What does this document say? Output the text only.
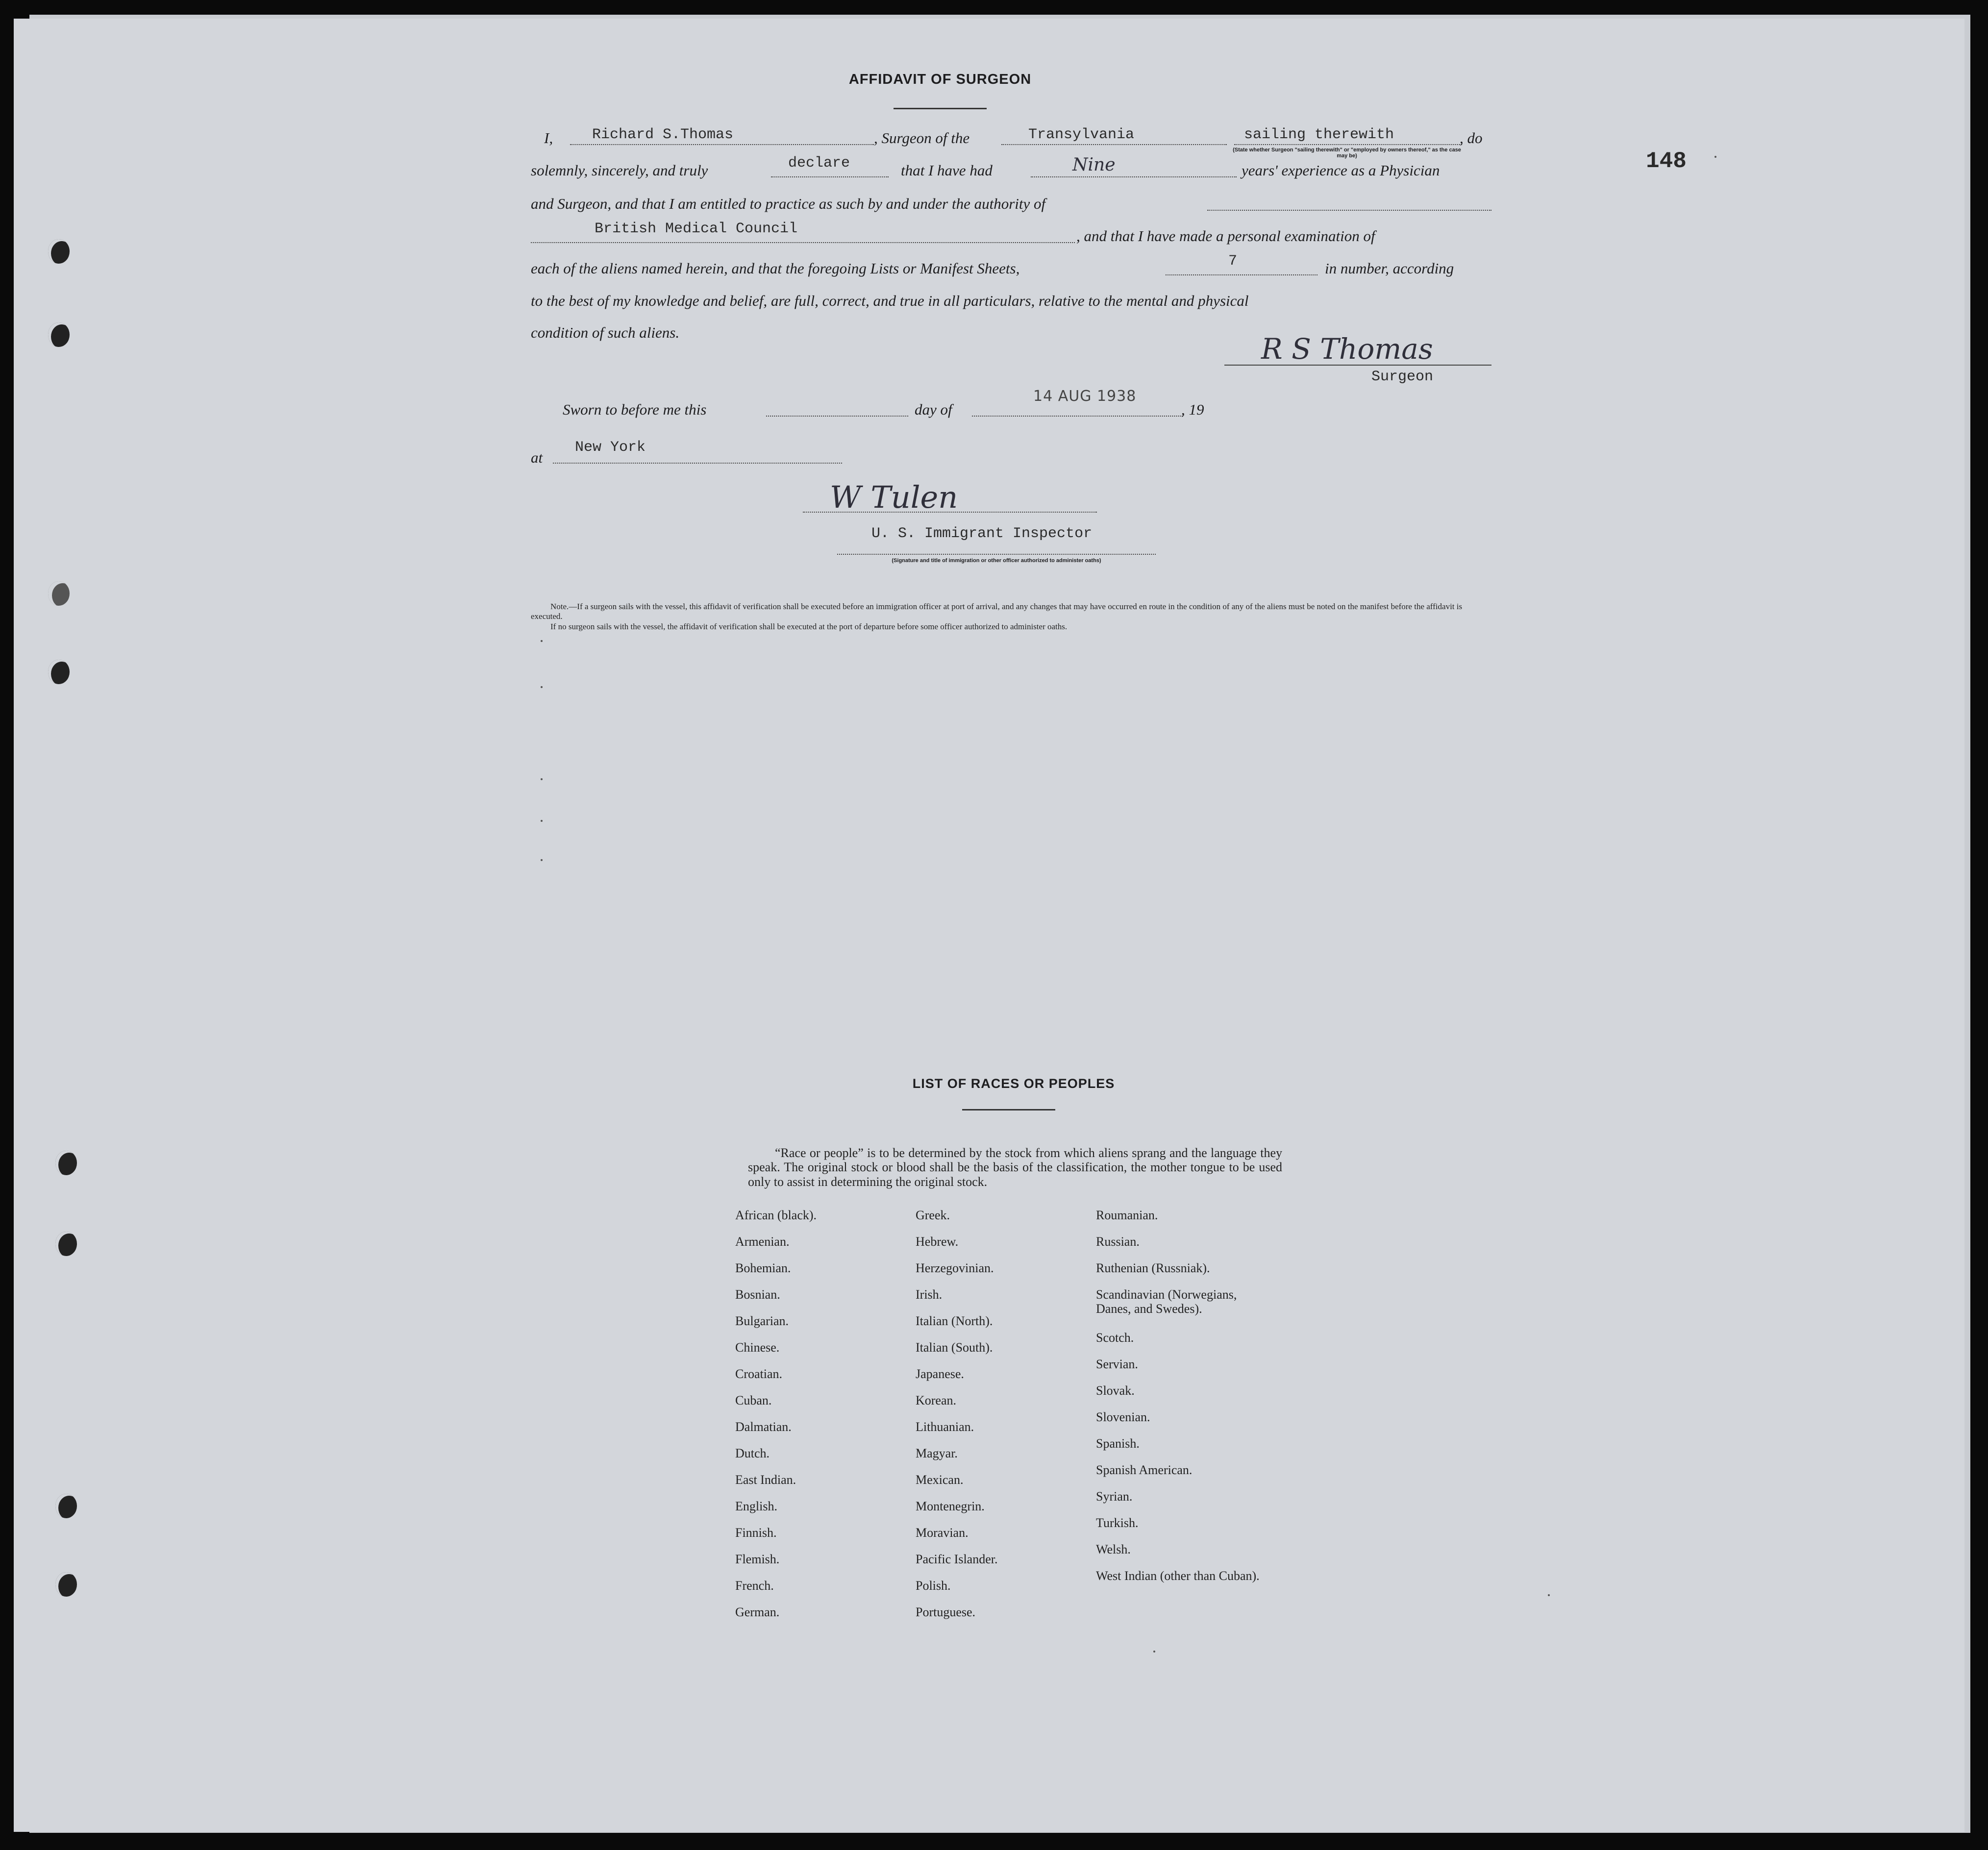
148
AFFIDAVIT OF SURGEON
I,	Richard S.Thomas	, Surgeon of the	Transylvania	sailing therewith	, do
(State whether Surgeon "sailing therewith" or "employed by owners thereof," as the case may be)
solemnly, sincerely, and truly	declare	that I have had	Nine	years' experience as a Physician
and Surgeon, and that I am entitled to practice as such by and under the authority of
British Medical Council	, and that I have made a personal examination of
each of the aliens named herein, and that the foregoing Lists or Manifest Sheets,	7	in number, according
to the best of my knowledge and belief, are full, correct, and true in all particulars, relative to the mental and physical
condition of such aliens.	R S Thomas
Surgeon
Sworn to before me this	day of
14 AUG 1938
, 19
at
New York
W Tulen
U. S. Immigrant Inspector
(Signature and title of immigration or other officer authorized to administer oaths)

Note.—If a surgeon sails with the vessel, this affidavit of verification shall be executed before an immigration officer at port of arrival, and any changes that may have occurred en route in the condition of any of the aliens must be noted on the manifest before the affidavit is executed.

If no surgeon sails with the vessel, the affidavit of verification shall be executed at the port of departure before some officer authorized to administer oaths.

LIST OF RACES OR PEOPLES
“Race or people” is to be determined by the stock from which aliens sprang and the language they speak. The original stock or blood shall be the basis of the classification, the mother tongue to be used only to assist in determining the original stock.
African (black).
Armenian.
Bohemian.
Bosnian.
Bulgarian.
Chinese.
Croatian.
Cuban.
Dalmatian.
Dutch.
East Indian.
English.
Finnish.
Flemish.
French.
German.
Greek.
Hebrew.
Herzegovinian.
Irish.
Italian (North).
Italian (South).
Japanese.
Korean.
Lithuanian.
Magyar.
Mexican.
Montenegrin.
Moravian.
Pacific Islander.
Polish.
Portuguese.
Roumanian.
Russian.
Ruthenian (Russniak).
Scandinavian (Norwegians, Danes, and Swedes).
Scotch.
Servian.
Slovak.
Slovenian.
Spanish.
Spanish American.
Syrian.
Turkish.
Welsh.
West Indian (other than Cuban).
